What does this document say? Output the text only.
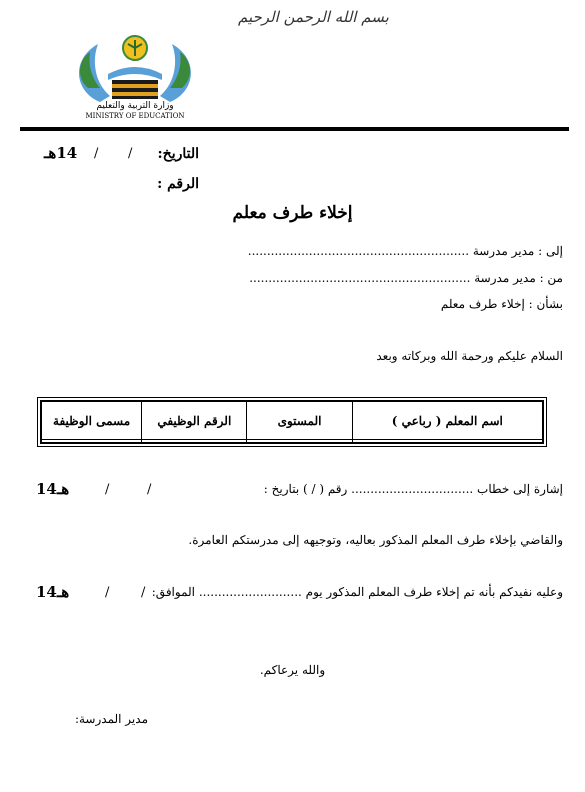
بسم الله الرحمن الرحيم
وزارة التربية والتعليم
MINISTRY OF EDUCATION
التاريخ:
/
/
14هـ
الرقم :
إخلاء طرف معلم
إلى : مدير مدرسة ..........................................................
من : مدير مدرسة ..........................................................
بشأن : إخلاء طرف معلم
السلام عليكم ورحمة الله وبركاته وبعد
اسم المعلم ( رباعي )	المستوى	الرقم الوظيفي	مسمى الوظيفة

إشارة إلى خطاب ................................ رقم ( / ) بتاريخ :
/
/
14هـ
والقاضي بإخلاء طرف المعلم المذكور بعاليه، وتوجيهه إلى مدرستكم العامرة.
وعليه نفيدكم بأنه تم إخلاء طرف المعلم المذكور يوم ........................... الموافق:
/
/
14هـ
والله يرعاكم.
مدير المدرسة:
